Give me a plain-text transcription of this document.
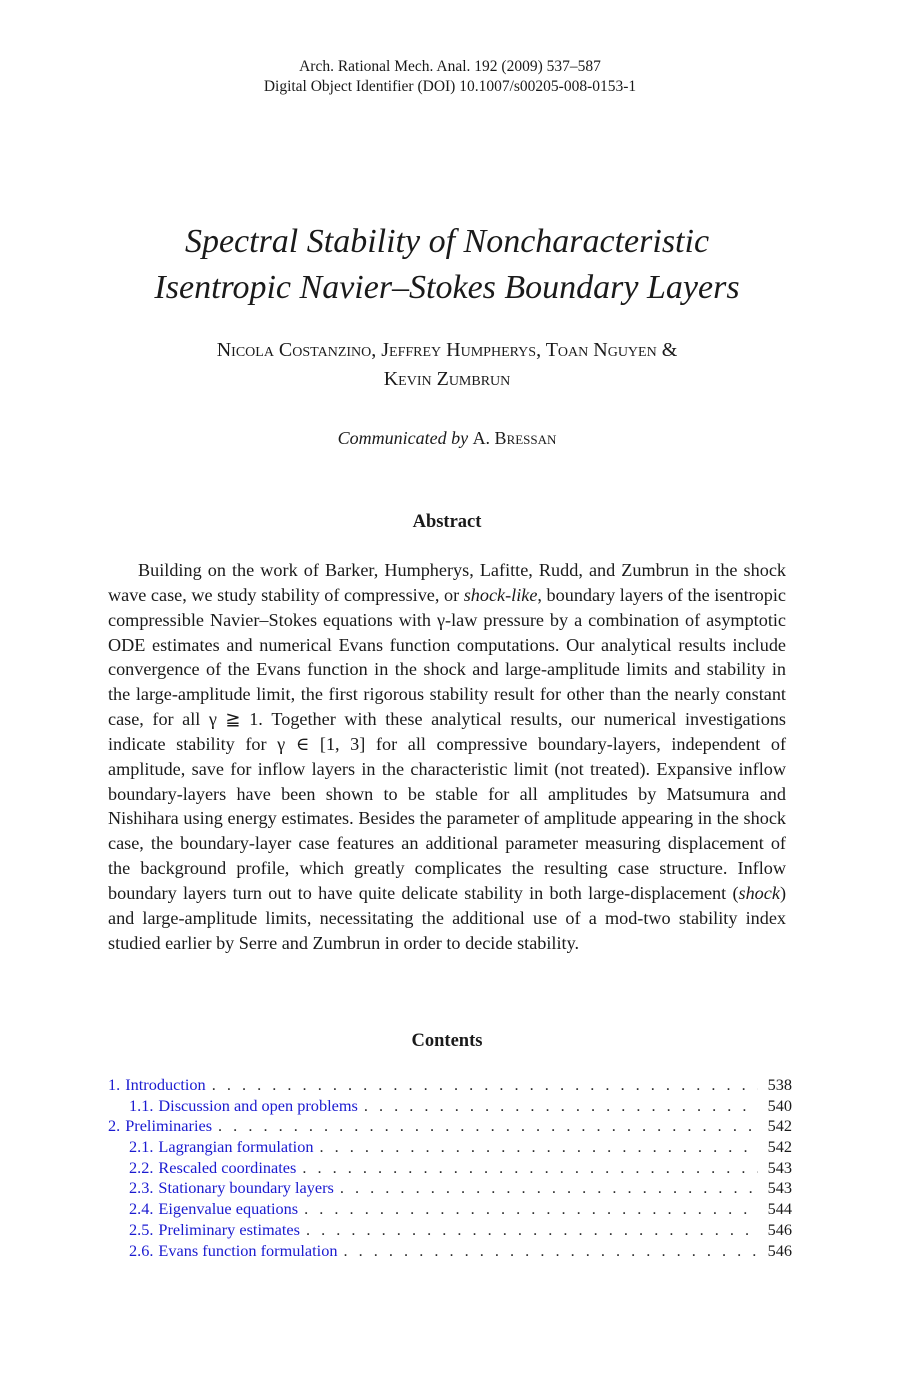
Arch. Rational Mech. Anal. 192 (2009) 537–587
Digital Object Identifier (DOI) 10.1007/s00205-008-0153-1
Spectral Stability of Noncharacteristic
Isentropic Navier–Stokes Boundary Layers
Nicola Costanzino, Jeffrey Humpherys, Toan Nguyen &
Kevin Zumbrun
Communicated by A. Bressan
Abstract

Building on the work of Barker, Humpherys, Lafitte, Rudd, and Zumbrun in the shock wave case, we study stability of compressive, or shock-like, boundary layers of the isentropic compressible Navier–Stokes equations with γ-law pressure by a combination of asymptotic ODE estimates and numerical Evans function computations. Our analytical results include convergence of the Evans function in the shock and large-amplitude limits and stability in the large-amplitude limit, the first rigorous stability result for other than the nearly constant case, for all γ ≧ 1. Together with these analytical results, our numerical investigations indicate stability for γ ∈ [1, 3] for all compressive boundary-layers, independent of amplitude, save for inflow layers in the characteristic limit (not treated). Expansive inflow boundary-layers have been shown to be stable for all amplitudes by Matsumura and Nishihara using energy estimates. Besides the parameter of amplitude appearing in the shock case, the boundary-layer case features an additional parameter measuring displacement of the background profile, which greatly complicates the resulting case structure. Inflow boundary layers turn out to have quite delicate stability in both large-displacement (shock) and large-amplitude limits, necessitating the additional use of a mod-two stability index studied earlier by Serre and Zumbrun in order to decide stability.

Contents
1. Introduction . . .	538
1.1. Discussion and open problems . . .	540
2. Preliminaries . . .	542
2.1. Lagrangian formulation . . .	542
2.2. Rescaled coordinates . . .	543
2.3. Stationary boundary layers . . .	543
2.4. Eigenvalue equations . . .	544
2.5. Preliminary estimates . . .	546
2.6. Evans function formulation . . .	546
